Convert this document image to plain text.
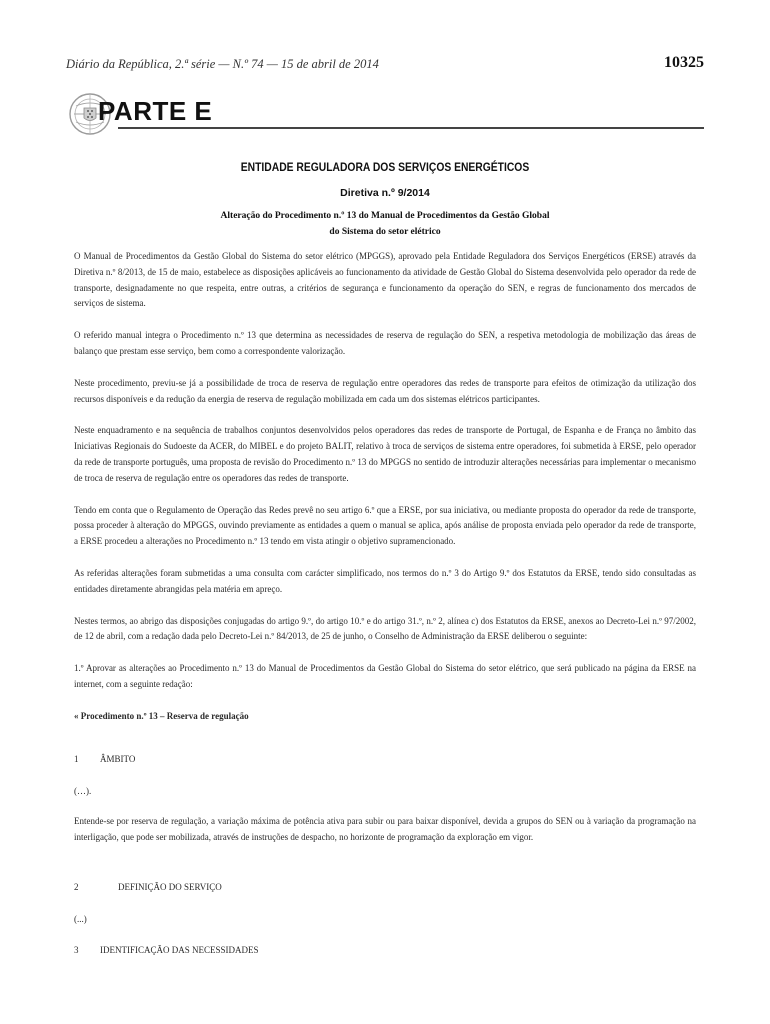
Diário da República, 2.ª série — N.º 74 — 15 de abril de 2014	10325
PARTE E
ENTIDADE REGULADORA DOS SERVIÇOS ENERGÉTICOS
Diretiva n.º 9/2014
Alteração do Procedimento n.º 13 do Manual de Procedimentos da Gestão Global
do Sistema do setor elétrico

O Manual de Procedimentos da Gestão Global do Sistema do setor elétrico (MPGGS), aprovado pela Entidade Reguladora dos Serviços Energéticos (ERSE) através da Diretiva n.º 8/2013, de 15 de maio, estabelece as disposições aplicáveis ao funcionamento da atividade de Gestão Global do Sistema desenvolvida pelo operador da rede de transporte, designadamente no que respeita, entre outras, a critérios de segurança e funcionamento da operação do SEN, e regras de funcionamento dos mercados de serviços de sistema.

O referido manual integra o Procedimento n.º 13 que determina as necessidades de reserva de regulação do SEN, a respetiva metodologia de mobilização das áreas de balanço que prestam esse serviço, bem como a correspondente valorização.

Neste procedimento, previu-se já a possibilidade de troca de reserva de regulação entre operadores das redes de transporte para efeitos de otimização da utilização dos recursos disponíveis e da redução da energia de reserva de regulação mobilizada em cada um dos sistemas elétricos participantes.

Neste enquadramento e na sequência de trabalhos conjuntos desenvolvidos pelos operadores das redes de transporte de Portugal, de Espanha e de França no âmbito das Iniciativas Regionais do Sudoeste da ACER, do MIBEL e do projeto BALIT, relativo à troca de serviços de sistema entre operadores, foi submetida à ERSE, pelo operador da rede de transporte português, uma proposta de revisão do Procedimento n.º 13 do MPGGS no sentido de introduzir alterações necessárias para implementar o mecanismo de troca de reserva de regulação entre os operadores das redes de transporte.

Tendo em conta que o Regulamento de Operação das Redes prevê no seu artigo 6.º que a ERSE, por sua iniciativa, ou mediante proposta do operador da rede de transporte, possa proceder à alteração do MPGGS, ouvindo previamente as entidades a quem o manual se aplica, após análise de proposta enviada pelo operador da rede de transporte, a ERSE procedeu a alterações no Procedimento n.º 13 tendo em vista atingir o objetivo supramencionado.

As referidas alterações foram submetidas a uma consulta com carácter simplificado, nos termos do n.º 3 do Artigo 9.º dos Estatutos da ERSE, tendo sido consultadas as entidades diretamente abrangidas pela matéria em apreço.

Nestes termos, ao abrigo das disposições conjugadas do artigo 9.º, do artigo 10.º e do artigo 31.º, n.º 2, alínea c) dos Estatutos da ERSE, anexos ao Decreto-Lei n.º 97/2002, de 12 de abril, com a redação dada pelo Decreto-Lei n.º 84/2013, de 25 de junho, o Conselho de Administração da ERSE deliberou o seguinte:

1.º Aprovar as alterações ao Procedimento n.º 13 do Manual de Procedimentos da Gestão Global do Sistema do setor elétrico, que será publicado na página da ERSE na internet, com a seguinte redação:

« Procedimento n.º 13 – Reserva de regulação

1 ÂMBITO
(…).

Entende-se por reserva de regulação, a variação máxima de potência ativa para subir ou para baixar disponível, devida a grupos do SEN ou à variação da programação na interligação, que pode ser mobilizada, através de instruções de despacho, no horizonte de programação da exploração em vigor.

2	DEFINIÇÃO DO SERVIÇO
(...)
3 IDENTIFICAÇÃO DAS NECESSIDADES
